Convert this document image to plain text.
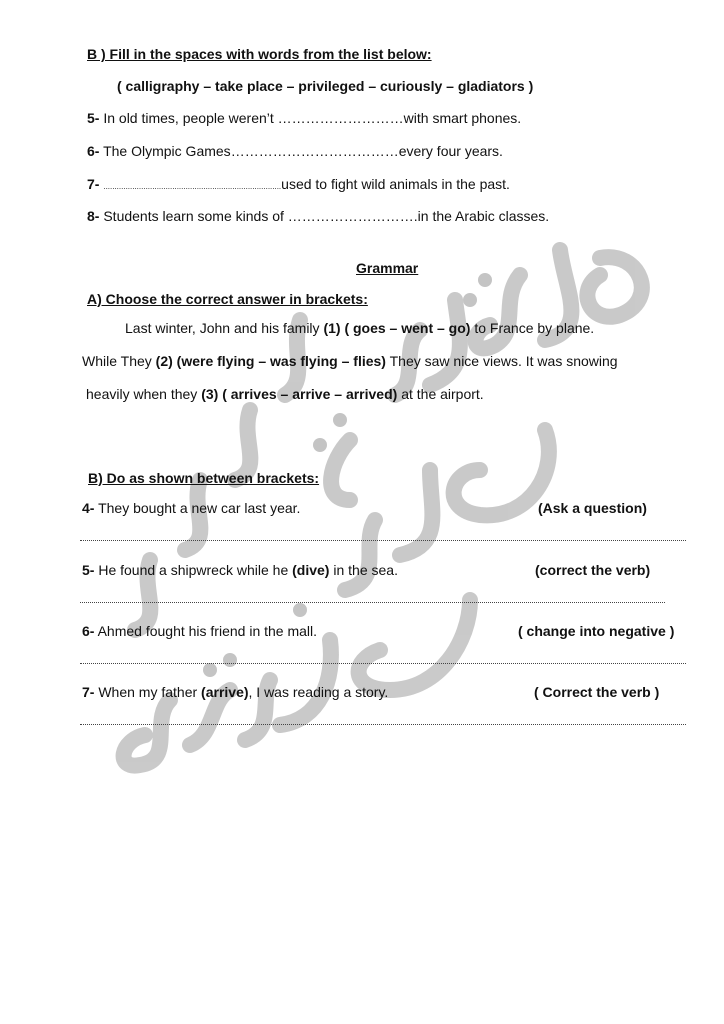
B ) Fill in the spaces with words from the list below:
( calligraphy – take place – privileged – curiously – gladiators )
5- In old times, people weren’t ………………………with smart phones.
6- The Olympic Games………………………………every four years.
7- ................................................................................used to fight wild animals in the past.
8- Students learn some kinds of ……………………….in the Arabic classes.
Grammar
A) Choose the correct answer in brackets:
Last winter, John and his family (1) ( goes – went – go) to France by plane.
While They (2) (were flying – was flying – flies) They saw nice views. It was snowing
heavily when they (3) ( arrives – arrive – arrived) at the airport.
B) Do as shown between brackets:
4- They bought a new car last year.	(Ask a question)
5- He found a shipwreck while he (dive) in the sea.	(correct the verb)
6- Ahmed fought his friend in the mall.	( change into negative )
7- When my father (arrive), I was reading a story.	( Correct the verb )
